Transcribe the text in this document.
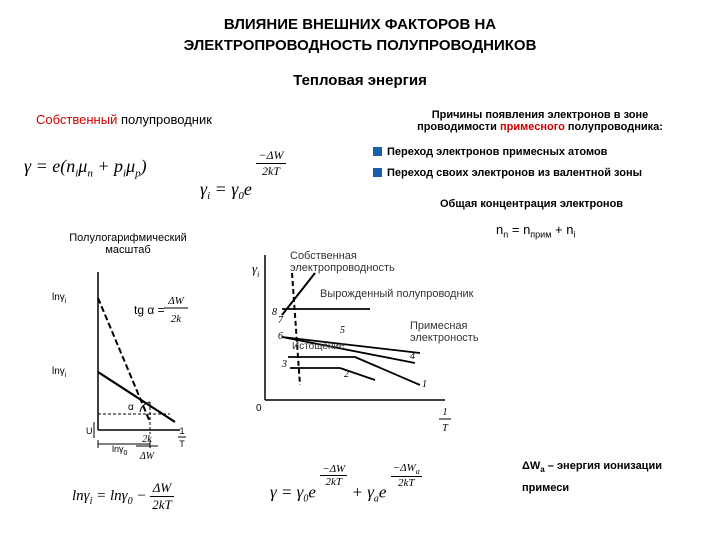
ВЛИЯНИЕ ВНЕШНИХ ФАКТОРОВ НА
ЭЛЕКТРОПРОВОДНОСТЬ ПОЛУПРОВОДНИКОВ
Тепловая энергия
Собственный полупроводник
$\gamma = e(n_i\mu_n + p_i\mu_p)$
$\gamma_i = \gamma_0e$
$\frac{-\Delta W}{2kT}$
Полулогарифмический
масштаб
lnγ$_i$
lnγ$_i$
tg α =
ΔW
2k
α
U
lnγ$_0$
2k
ΔW
1
T
$\ln\gamma_i = \ln\gamma_0 - \frac{\Delta W}{2kT}$
Причины появления электронов в зоне
проводимости примесного полупроводника:
Переход электронов примесных атомов
Переход своих электронов из валентной зоны
Общая концентрация электронов
$n_n = n_{прим} + n_i$
$\gamma_i$
Собственная
электропроводность
Вырожденный полупроводник
Примесная
электроность
Истощение
1
2
3
4
5
6
7
8
0	1
T
$\gamma = \gamma_0e$
$\frac{-\Delta W}{2kT}$
+ $\gamma_ae$
$\frac{-\Delta W_a}{2kT}$	$\Delta W_a$ – энергия ионизации
примеси
